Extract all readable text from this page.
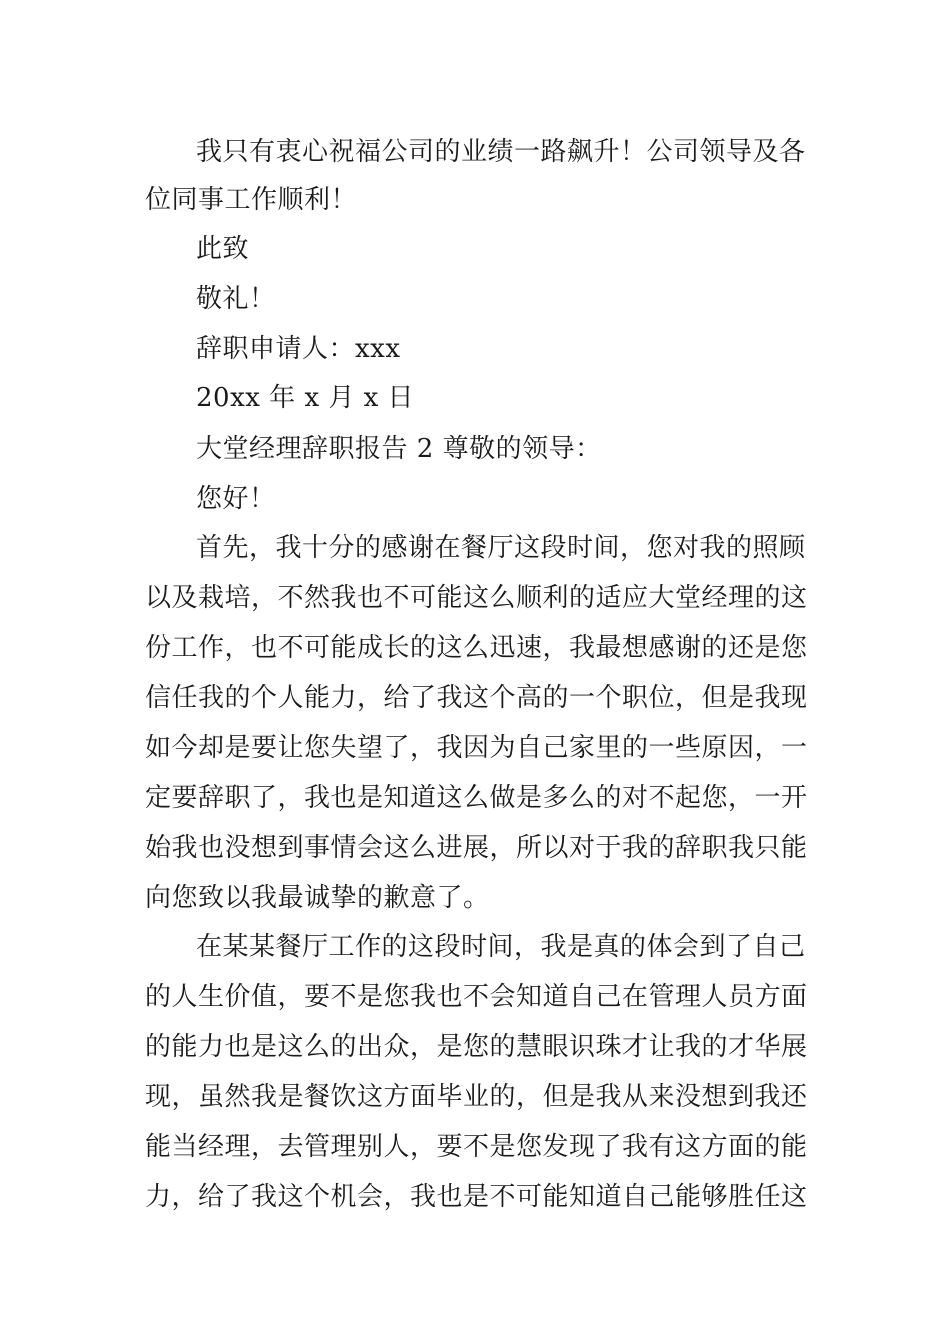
我只有衷心祝福公司的业绩一路飙升！公司领导及各
位同事工作顺利！
此致
敬礼！
辞职申请人：xxx
20xx 年 x 月 x 日
大堂经理辞职报告 2 尊敬的领导：
您好！
首先，我十分的感谢在餐厅这段时间，您对我的照顾
以及栽培，不然我也不可能这么顺利的适应大堂经理的这
份工作，也不可能成长的这么迅速，我最想感谢的还是您
信任我的个人能力，给了我这个高的一个职位，但是我现
如今却是要让您失望了，我因为自己家里的一些原因，一
定要辞职了，我也是知道这么做是多么的对不起您，一开
始我也没想到事情会这么进展，所以对于我的辞职我只能
向您致以我最诚挚的歉意了。
在某某餐厅工作的这段时间，我是真的体会到了自己
的人生价值，要不是您我也不会知道自己在管理人员方面
的能力也是这么的出众，是您的慧眼识珠才让我的才华展
现，虽然我是餐饮这方面毕业的，但是我从来没想到我还
能当经理，去管理别人，要不是您发现了我有这方面的能
力，给了我这个机会，我也是不可能知道自己能够胜任这
